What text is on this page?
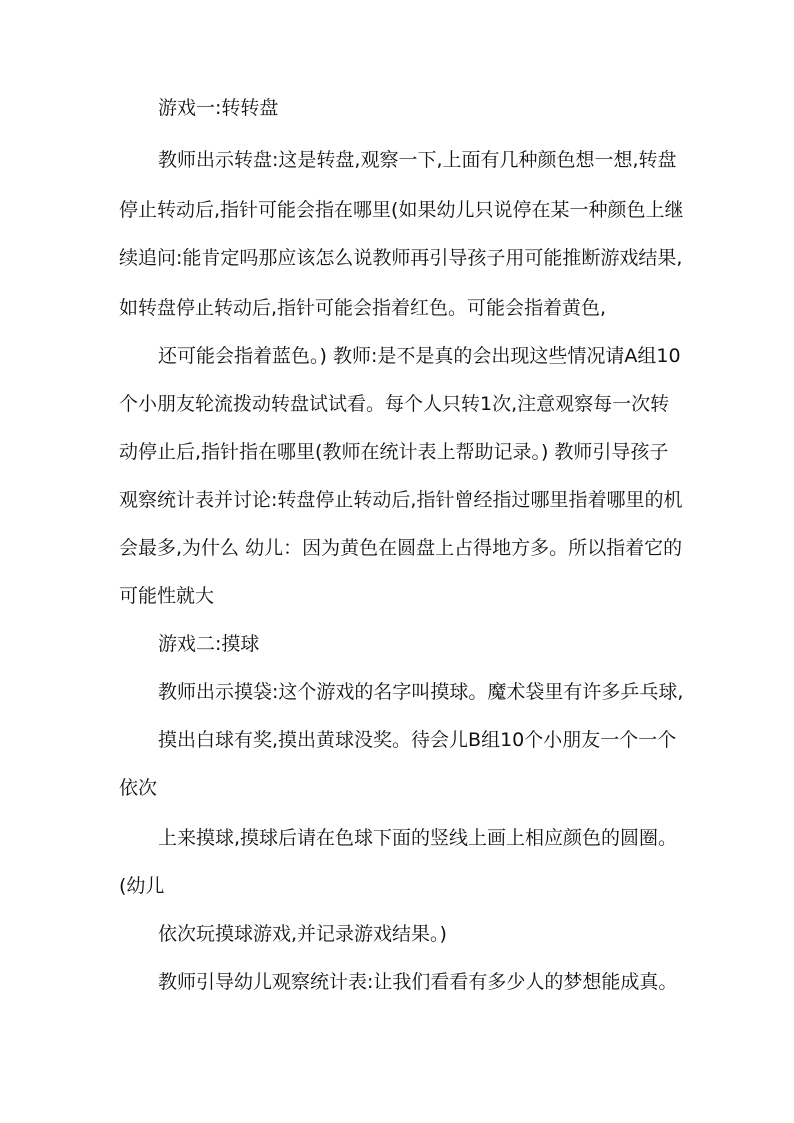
游戏一:转转盘
教师出示转盘:这是转盘,观察一下,上面有几种颜色想一想,转盘
停止转动后,指针可能会指在哪里(如果幼儿只说停在某一种颜色上继
续追问:能肯定吗那应该怎么说教师再引导孩子用可能推断游戏结果,
如转盘停止转动后,指针可能会指着红色。可能会指着黄色,
还可能会指着蓝色。) 教师:是不是真的会出现这些情况请A组10
个小朋友轮流拨动转盘试试看。每个人只转1次,注意观察每一次转
动停止后,指针指在哪里(教师在统计表上帮助记录。) 教师引导孩子
观察统计表并讨论:转盘停止转动后,指针曾经指过哪里指着哪里的机
会最多,为什么 幼儿：因为黄色在圆盘上占得地方多。所以指着它的
可能性就大
游戏二:摸球
教师出示摸袋:这个游戏的名字叫摸球。魔术袋里有许多乒乓球,
摸出白球有奖,摸出黄球没奖。待会儿B组10个小朋友一个一个
依次
上来摸球,摸球后请在色球下面的竖线上画上相应颜色的圆圈。
(幼儿
依次玩摸球游戏,并记录游戏结果。)
教师引导幼儿观察统计表:让我们看看有多少人的梦想能成真。
